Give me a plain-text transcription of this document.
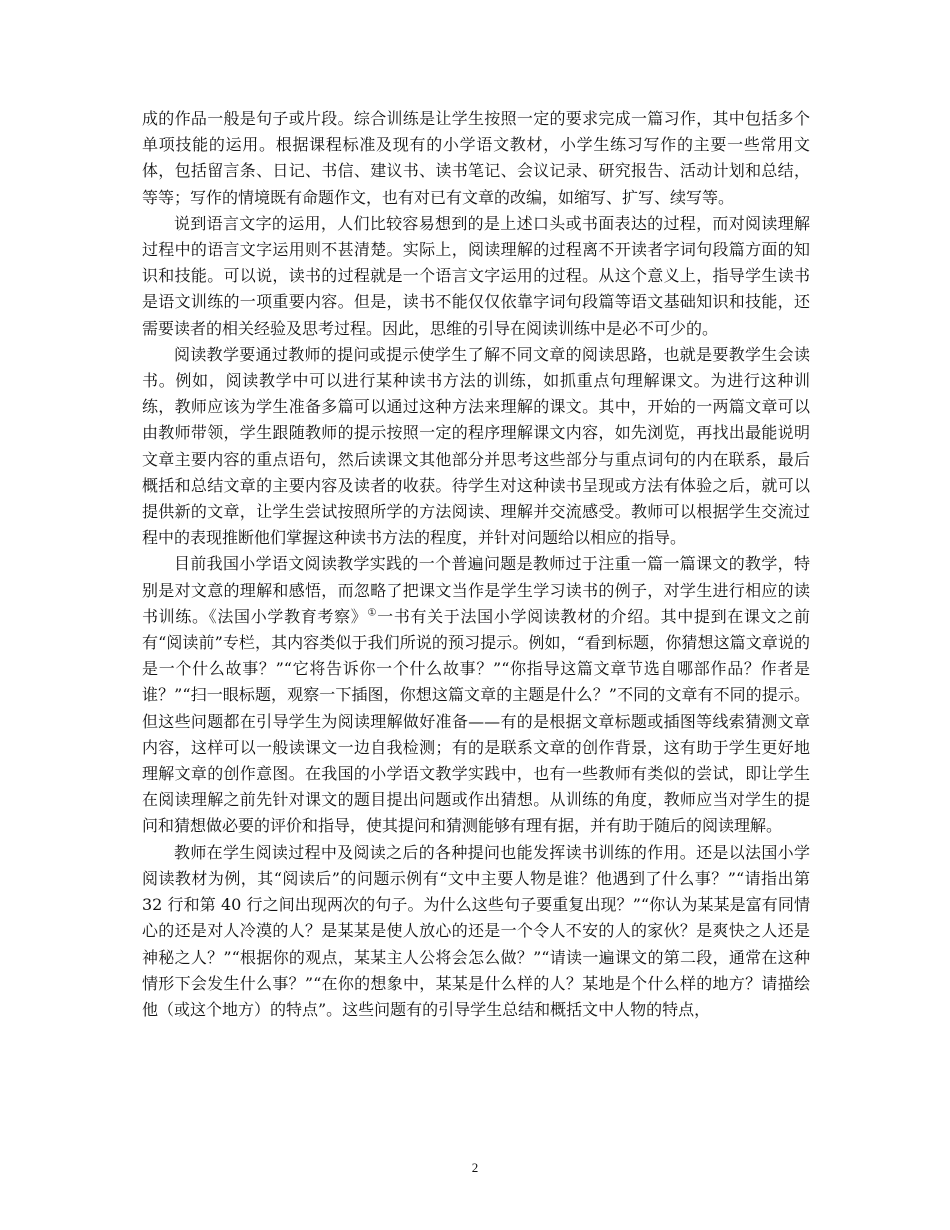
成的作品一般是句子或片段。综合训练是让学生按照一定的要求完成一篇习作，其中包括多个单项技能的运用。根据课程标准及现有的小学语文教材，小学生练习写作的主要一些常用文体，包括留言条、日记、书信、建议书、读书笔记、会议记录、研究报告、活动计划和总结，等等；写作的情境既有命题作文，也有对已有文章的改编，如缩写、扩写、续写等。

说到语言文字的运用，人们比较容易想到的是上述口头或书面表达的过程，而对阅读理解过程中的语言文字运用则不甚清楚。实际上，阅读理解的过程离不开读者字词句段篇方面的知识和技能。可以说，读书的过程就是一个语言文字运用的过程。从这个意义上，指导学生读书是语文训练的一项重要内容。但是，读书不能仅仅依靠字词句段篇等语文基础知识和技能，还需要读者的相关经验及思考过程。因此，思维的引导在阅读训练中是必不可少的。

阅读教学要通过教师的提问或提示使学生了解不同文章的阅读思路，也就是要教学生会读书。例如，阅读教学中可以进行某种读书方法的训练，如抓重点句理解课文。为进行这种训练，教师应该为学生准备多篇可以通过这种方法来理解的课文。其中，开始的一两篇文章可以由教师带领，学生跟随教师的提示按照一定的程序理解课文内容，如先浏览，再找出最能说明文章主要内容的重点语句，然后读课文其他部分并思考这些部分与重点词句的内在联系，最后概括和总结文章的主要内容及读者的收获。待学生对这种读书呈现或方法有体验之后，就可以提供新的文章，让学生尝试按照所学的方法阅读、理解并交流感受。教师可以根据学生交流过程中的表现推断他们掌握这种读书方法的程度，并针对问题给以相应的指导。

目前我国小学语文阅读教学实践的一个普遍问题是教师过于注重一篇一篇课文的教学，特别是对文意的理解和感悟，而忽略了把课文当作是学生学习读书的例子，对学生进行相应的读书训练。《法国小学教育考察》①一书有关于法国小学阅读教材的介绍。其中提到在课文之前有“阅读前”专栏，其内容类似于我们所说的预习提示。例如，“看到标题，你猜想这篇文章说的是一个什么故事？”“它将告诉你一个什么故事？”“你指导这篇文章节选自哪部作品？作者是谁？”“扫一眼标题，观察一下插图，你想这篇文章的主题是什么？”不同的文章有不同的提示。但这些问题都在引导学生为阅读理解做好准备——有的是根据文章标题或插图等线索猜测文章内容，这样可以一般读课文一边自我检测；有的是联系文章的创作背景，这有助于学生更好地理解文章的创作意图。在我国的小学语文教学实践中，也有一些教师有类似的尝试，即让学生在阅读理解之前先针对课文的题目提出问题或作出猜想。从训练的角度，教师应当对学生的提问和猜想做必要的评价和指导，使其提问和猜测能够有理有据，并有助于随后的阅读理解。

教师在学生阅读过程中及阅读之后的各种提问也能发挥读书训练的作用。还是以法国小学阅读教材为例，其“阅读后”的问题示例有“文中主要人物是谁？他遇到了什么事？”“请指出第 32 行和第 40 行之间出现两次的句子。为什么这些句子要重复出现？”“你认为某某是富有同情心的还是对人冷漠的人？是某某是使人放心的还是一个令人不安的人的家伙？是爽快之人还是神秘之人？”“根据你的观点，某某主人公将会怎么做？”“请读一遍课文的第二段，通常在这种情形下会发生什么事？”“在你的想象中，某某是什么样的人？某地是个什么样的地方？请描绘他（或这个地方）的特点”。这些问题有的引导学生总结和概括文中人物的特点，

2
